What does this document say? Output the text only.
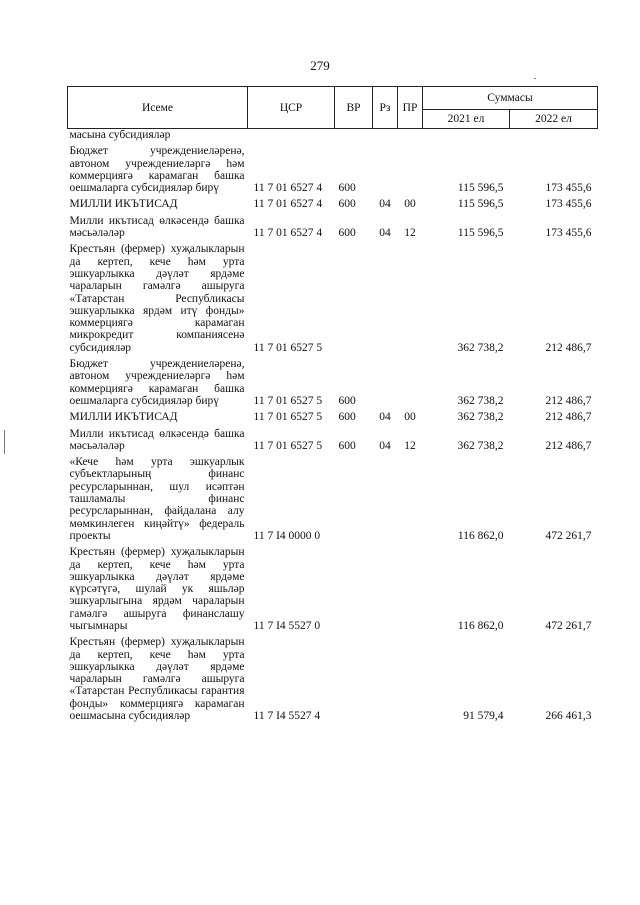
279
Исеме	ЦСР	ВР	Рз	ПР	Суммасы	
					2021 ел	2022 ел
масына субсидияләр						
Бюджет учреждениеләренә, автоном учреждениеләргә һәм коммерциягә карамаган башка оешмаларга субсидияләр бирү	11 7 01 6527 4	600			115 596,5	173 455,6
МИЛЛИ ИКЪТИСАД	11 7 01 6527 4	600	04	00	115 596,5	173 455,6
Милли икътисад өлкәсендә башка мәсьәләләр	11 7 01 6527 4	600	04	12	115 596,5	173 455,6
Крестьян (фермер) хуҗалыкларын да кертеп, кече һәм урта эшкуарлыкка дәүләт ярдәме чараларын гамәлгә ашыруга «Татарстан Республикасы эшкуарлыкка ярдәм итү фонды» коммерциягә карамаган микрокредит компаниясенә субсидияләр	11 7 01 6527 5				362 738,2	212 486,7
Бюджет учреждениеләренә, автоном учреждениеләргә һәм коммерциягә карамаган башка оешмаларга субсидияләр бирү	11 7 01 6527 5	600			362 738,2	212 486,7
МИЛЛИ ИКЪТИСАД	11 7 01 6527 5	600	04	00	362 738,2	212 486,7
Милли икътисад өлкәсендә башка мәсьәләләр	11 7 01 6527 5	600	04	12	362 738,2	212 486,7
«Кече һәм урта эшкуарлык субъектларының финанс ресурсларыннан, шул исәптән ташламалы финанс ресурсларыннан, файдалана алу мөмкинлеген киңәйтү» федераль проекты	11 7 I4 0000 0				116 862,0	472 261,7
Крестьян (фермер) хуҗалыкларын да кертеп, кече һәм урта эшкуарлыкка дәүләт ярдәме күрсәтүгә, шулай ук яшьләр эшкуарлыгына ярдәм чараларын гамәлгә ашыруга финанслашу чыгымнары	11 7 I4 5527 0				116 862,0	472 261,7
Крестьян (фермер) хуҗалыкларын да кертеп, кече һәм урта эшкуарлыкка дәүләт ярдәме чараларын гамәлгә ашыруга «Татарстан Республикасы гарантия фонды» коммерциягә карамаган оешмасына субсидияләр	11 7 I4 5527 4				91 579,4	266 461,3
